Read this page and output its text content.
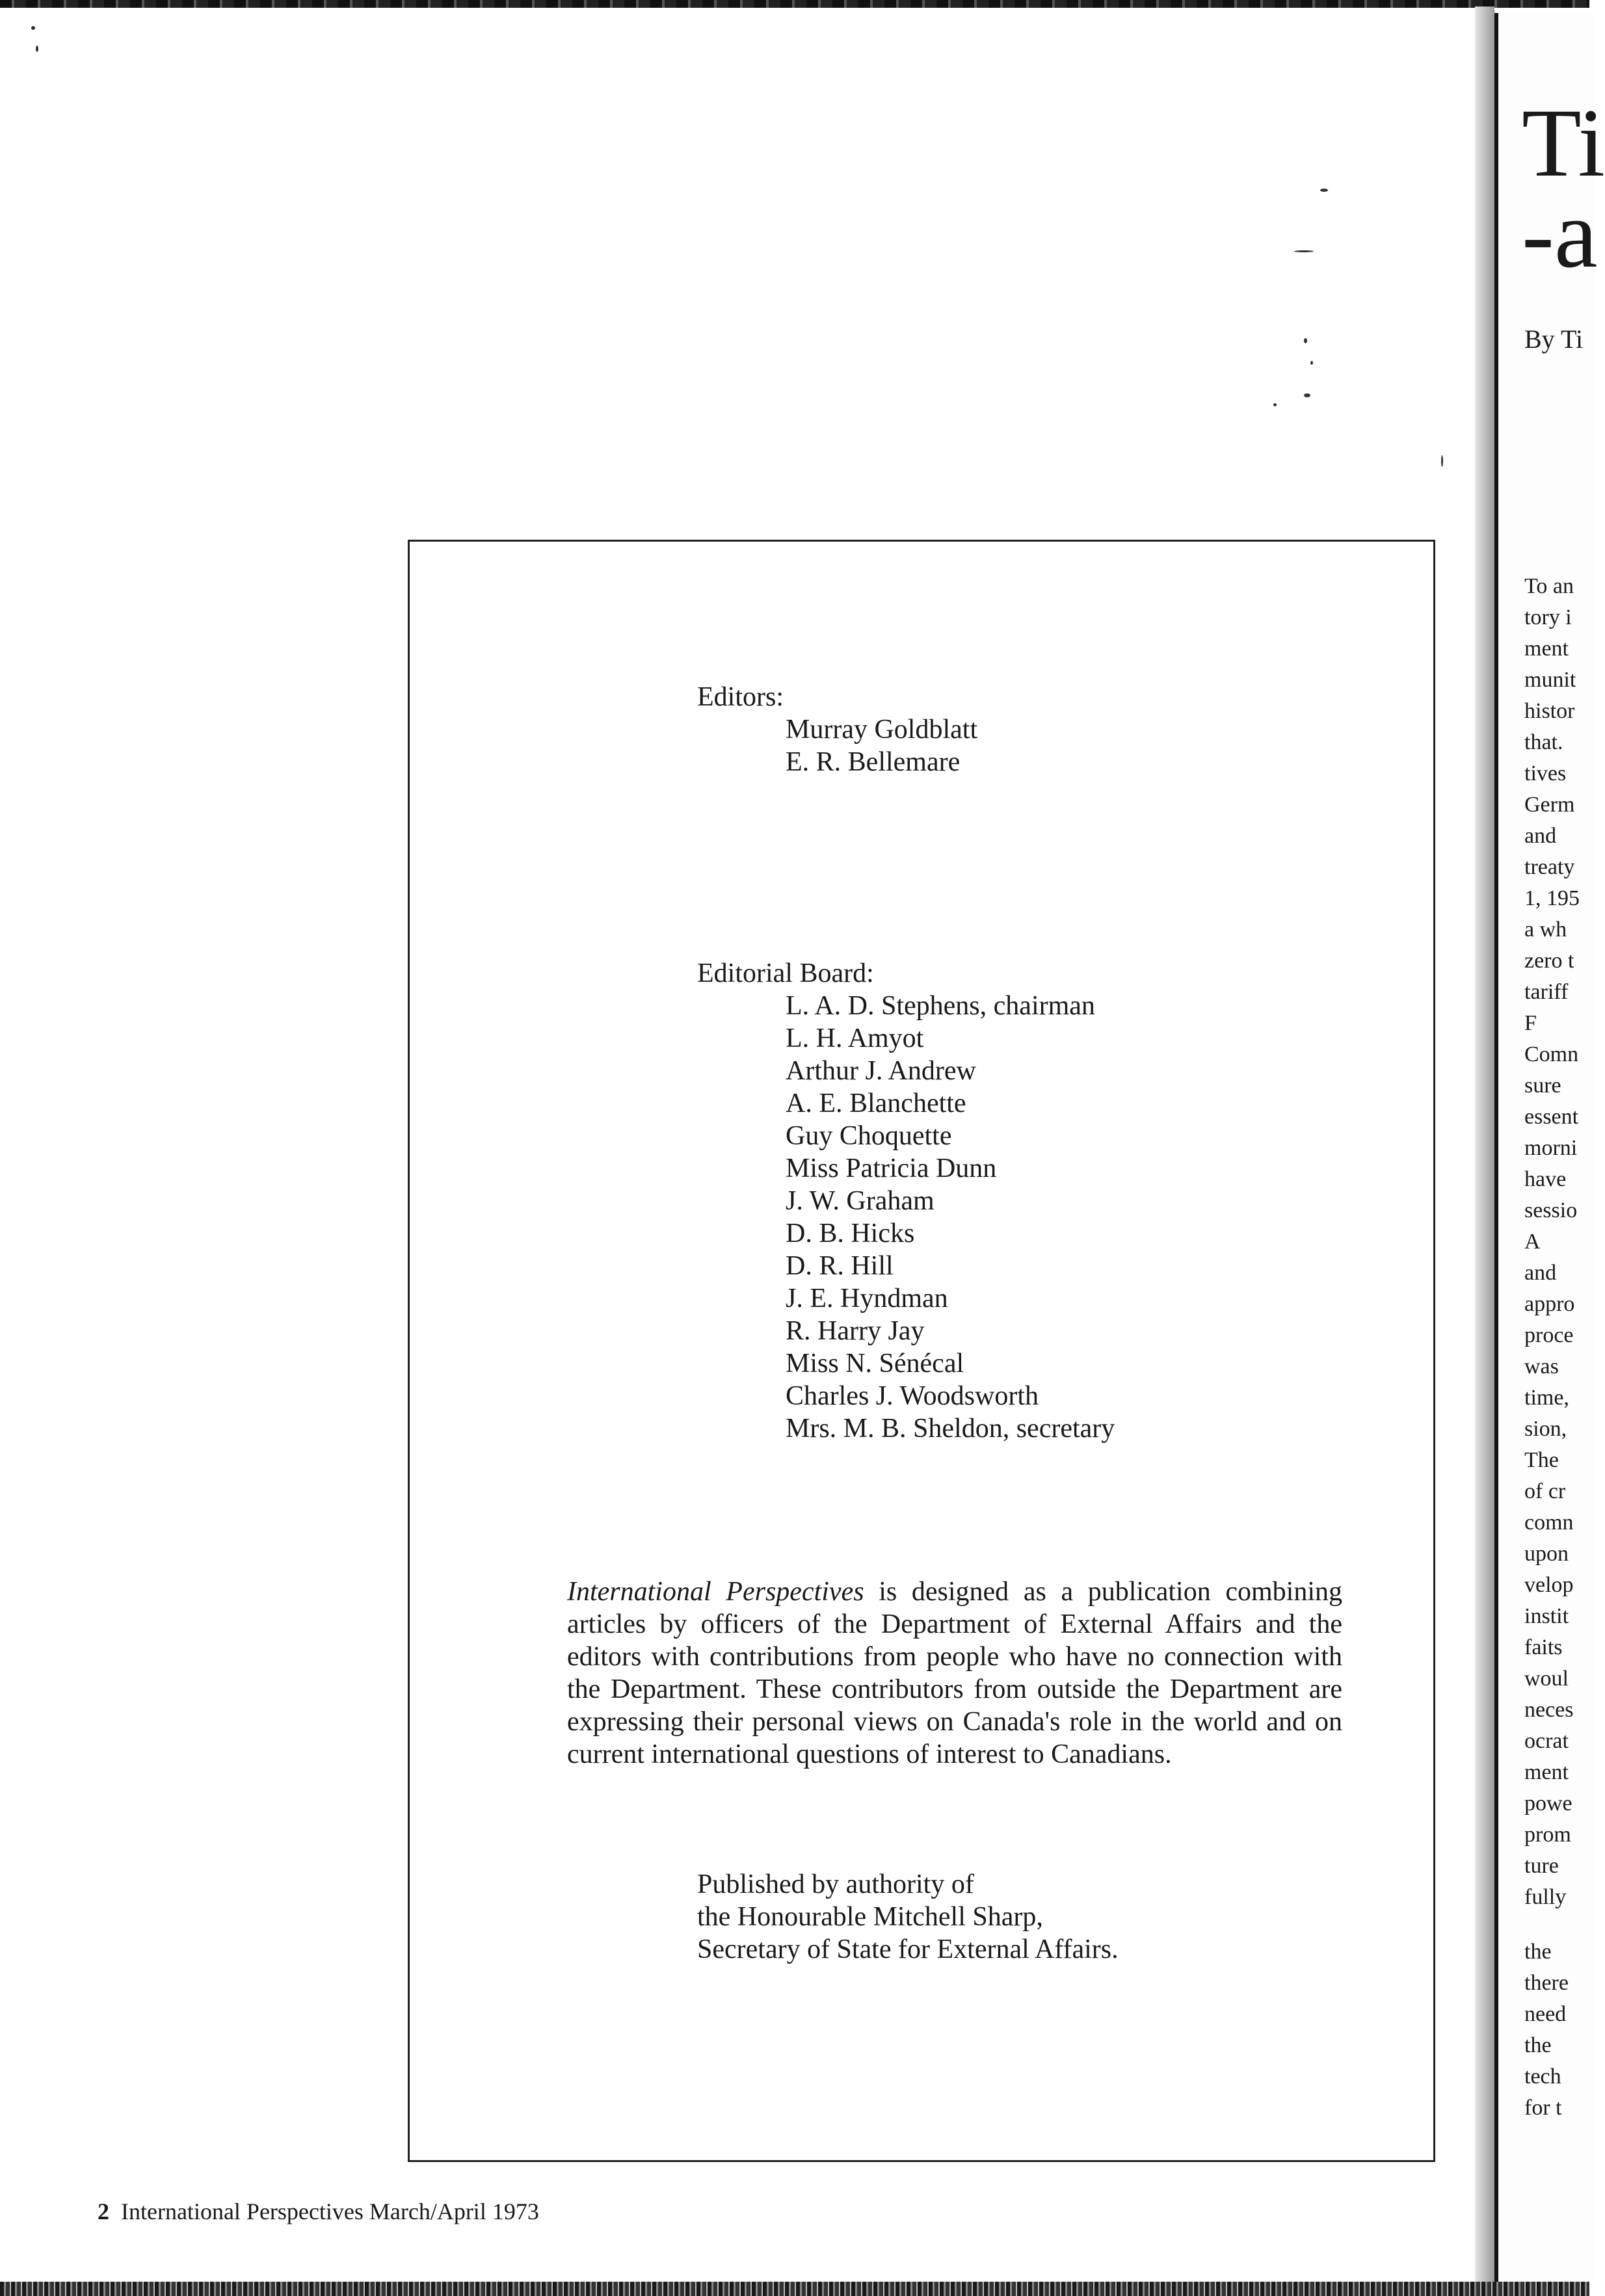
Editors:
Murray Goldblatt
E. R. Bellemare
Editorial Board:
L. A. D. Stephens, chairman
L. H. Amyot
Arthur J. Andrew
A. E. Blanchette
Guy Choquette
Miss Patricia Dunn
J. W. Graham
D. B. Hicks
D. R. Hill
J. E. Hyndman
R. Harry Jay
Miss N. Sénécal
Charles J. Woodsworth
Mrs. M. B. Sheldon, secretary

International Perspectives is designed as a publication combining articles by officers of the Department of External Affairs and the editors with contributions from people who have no connection with the Department. These contributors from outside the Department are expressing their personal views on Canada's role in the world and on current international questions of interest to Canadians.

Published by authority of
the Honourable Mitchell Sharp,
Secretary of State for External Affairs.
2 International Perspectives March/April 1973
Ti
-a
By Ti
To an
tory i
ment
munit
histor
that.
tives
Germ
and
treaty
1, 195
a wh
zero t
tariff
F
Comn
sure
essent
morni
have
sessio
A
and
appro
proce
was
time,
sion,
The
of cr
comn
upon
velop
instit
faits
woul
neces
ocrat
ment
powe
prom
ture
fully
the
there
need
the
tech
for t
